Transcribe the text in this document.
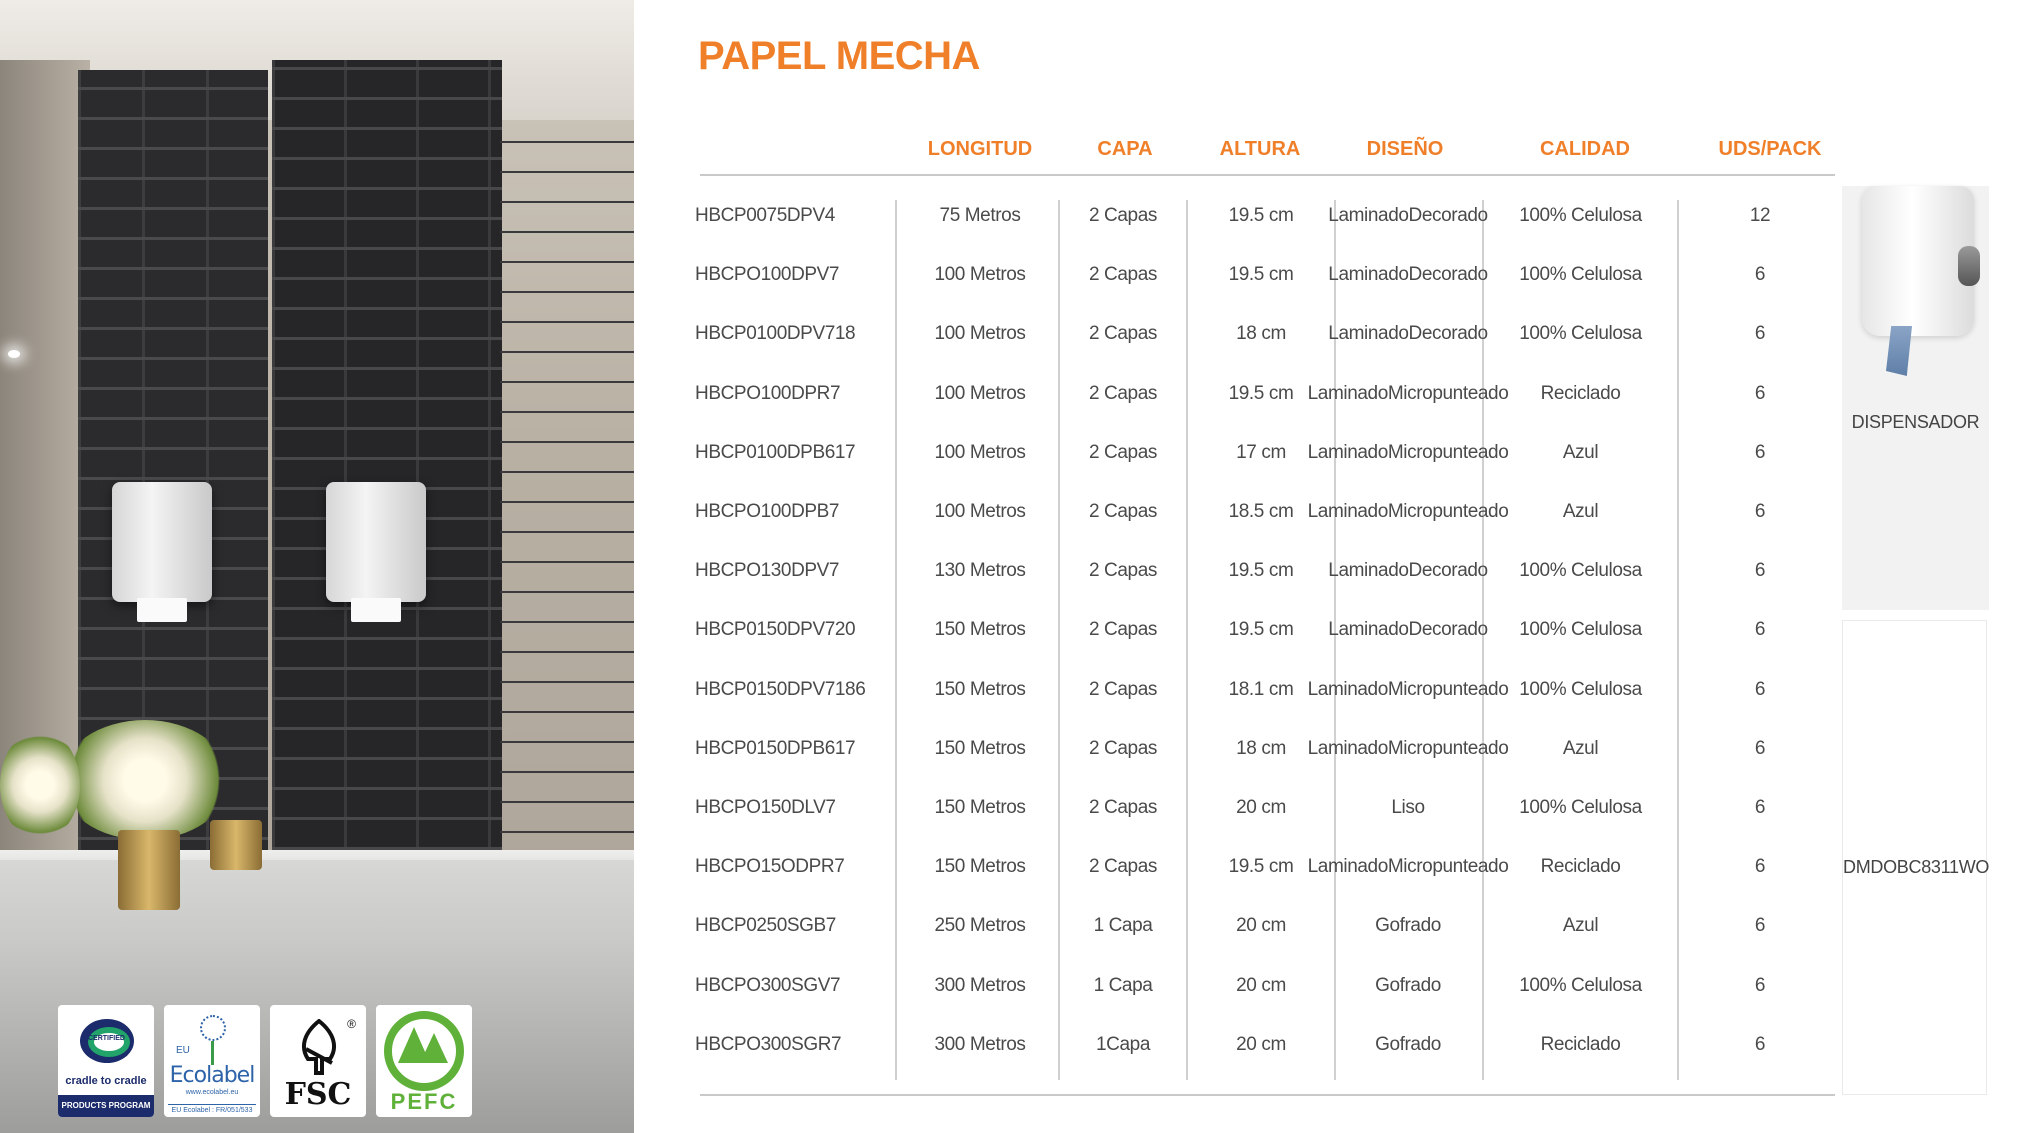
CERTIFIED
cradle to cradle
PRODUCTS PROGRAM
EU
Ecolabel
www.ecolabel.eu
EU Ecolabel : FR/051/533
®
FSC	PEFC
PAPEL MECHA
LONGITUD	CAPA	ALTURA	DISEÑO	CALIDAD	UDS/PACK
HBCP0075DPV4	75 Metros	2 Capas	19.5 cm	Laminado Decorado	100% Celulosa	12
HBCPO100DPV7	100 Metros	2 Capas	19.5 cm	Laminado Decorado	100% Celulosa	6
HBCP0100DPV718	100 Metros	2 Capas	18 cm	Laminado Decorado	100% Celulosa	6
HBCPO100DPR7	100 Metros	2 Capas	19.5 cm Laminado Micropunteado	Reciclado	6
HBCP0100DPB617	100 Metros	2 Capas	17 cm	Laminado Micropunteado	Azul	6
HBCPO100DPB7	100 Metros	2 Capas	18.5 cm Laminado Micropunteado	Azul	6
HBCPO130DPV7	130 Metros	2 Capas	19.5 cm	Laminado Decorado	100% Celulosa	6
HBCP0150DPV720	150 Metros	2 Capas	19.5 cm	Laminado Decorado	100% Celulosa	6
HBCP0150DPV7186	150 Metros	2 Capas	18.1 cm Laminado Micropunteado 100% Celulosa	6
HBCP0150DPB617	150 Metros	2 Capas	18 cm	Laminado Micropunteado	Azul	6
HBCPO150DLV7	150 Metros	2 Capas	20 cm	Liso	100% Celulosa	6
HBCPO15ODPR7	150 Metros	2 Capas	19.5 cm Laminado Micropunteado	Reciclado	6
HBCP0250SGB7	250 Metros	1 Capa	20 cm	Gofrado	Azul	6
HBCPO300SGV7	300 Metros	1 Capa	20 cm	Gofrado	100% Celulosa	6
HBCPO300SGR7	300 Metros	1Capa	20 cm	Gofrado	Reciclado	6
DISPENSADOR
DMDOBC8311WO
